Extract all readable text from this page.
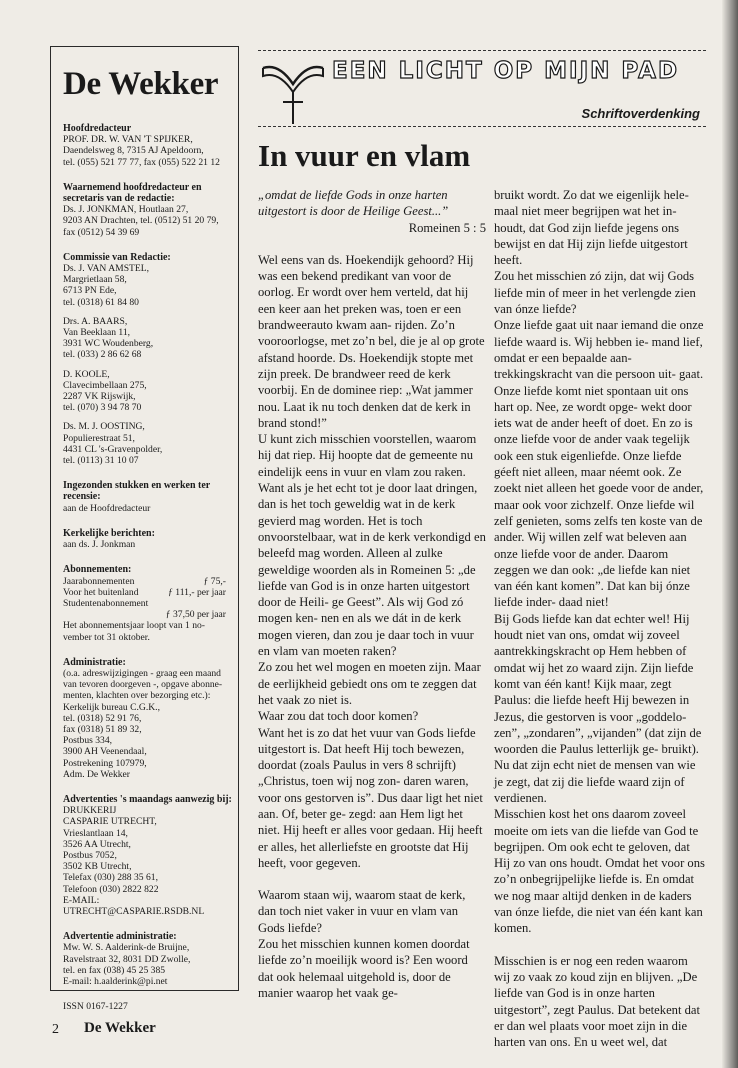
De Wekker

Hoofdredacteur

PROF. DR. W. VAN 'T SPIJKER,

Daendelsweg 8, 7315 AJ Apeldoorn,

tel. (055) 521 77 77, fax (055) 522 21 12

Waarnemend hoofdredacteur en secretaris van de redactie:

Ds. J. JONKMAN, Houtlaan 27,

9203 AN Drachten, tel. (0512) 51 20 79,

fax (0512) 54 39 69

Commissie van Redactie:

Ds. J. VAN AMSTEL,

Margrietlaan 58,

6713 PN Ede,

tel. (0318) 61 84 80

Drs. A. BAARS,

Van Beeklaan 11,

3931 WC Woudenberg,

tel. (033) 2 86 62 68

D. KOOLE,

Clavecimbellaan 275,

2287 VK Rijswijk,

tel. (070) 3 94 78 70

Ds. M. J. OOSTING,

Populierestraat 51,

4431 CL 's-Gravenpolder,

tel. (0113) 31 10 07

Ingezonden stukken en werken ter recensie:

aan de Hoofdredacteur

Kerkelijke berichten:

aan ds. J. Jonkman

Abonnementen:

Jaarabonnementen	ƒ 75,-
Voor het buitenland	ƒ 111,- per jaar
Studentenabonnement
ƒ 37,50 per jaar

Het abonnementsjaar loopt van 1 no-

vember tot 31 oktober.

Administratie:

(o.a. adreswijzigingen - graag een maand

van tevoren doorgeven -, opgave abonne-

menten, klachten over bezorging etc.):

Kerkelijk bureau C.G.K.,

tel. (0318) 52 91 76,

fax (0318) 51 89 32,

Postbus 334,

3900 AH Veenendaal,

Postrekening 107979,

Adm. De Wekker

Advertenties 's maandags aanwezig bij:

DRUKKERIJ

CASPARIE UTRECHT,

Vrieslantlaan 14,

3526 AA Utrecht,

Postbus 7052,

3502 KB Utrecht,

Telefax (030) 288 35 61,

Telefoon (030) 2822 822

E-MAIL: UTRECHT@CASPARIE.RSDB.NL

Advertentie administratie:

Mw. W. S. Aalderink-de Bruijne,

Ravelstraat 32, 8031 DD Zwolle,

tel. en fax (038) 45 25 385

E-mail: h.aalderink@pi.net

ISSN 0167-1227

2 De Wekker
EEN LICHT OP MIJN PAD
Schriftoverdenking
In vuur en vlam

„omdat de liefde Gods in onze harten uitgestort is door de Heilige Geest...”

Romeinen 5 : 5

Wel eens van ds. Hoekendijk gehoord? Hij was een bekend predikant van voor de oorlog. Er wordt over hem verteld, dat hij een keer aan het preken was, toen er een brandweerauto kwam aan- rijden. Zo’n vooroorlogse, met zo’n bel, die je al op grote afstand hoorde. Ds. Hoekendijk stopte met zijn preek. De brandweer reed de kerk voorbij. En de dominee riep: „Wat jammer nou. Laat ik nu toch denken dat de kerk in brand stond!”

U kunt zich misschien voorstellen, waarom hij dat riep. Hij hoopte dat de gemeente nu eindelijk eens in vuur en vlam zou raken.

Want als je het echt tot je door laat dringen, dan is het toch geweldig wat in de kerk gevierd mag worden. Het is toch onvoorstelbaar, wat in de kerk verkondigd en beleefd mag worden. Alleen al zulke geweldige woorden als in Romeinen 5: „de liefde van God is in onze harten uitgestort door de Heili- ge Geest”. Als wij God zó mogen ken- nen en als we dát in de kerk mogen vieren, dan zou je daar toch in vuur en vlam van moeten raken?

Zo zou het wel mogen en moeten zijn. Maar de eerlijkheid gebiedt ons om te zeggen dat het vaak zo niet is.

Waar zou dat toch door komen?

Want het is zo dat het vuur van Gods liefde uitgestort is. Dat heeft Hij toch bewezen, doordat (zoals Paulus in vers 8 schrijft) „Christus, toen wij nog zon- daren waren, voor ons gestorven is”. Dus daar ligt het niet aan. Of, beter ge- zegd: aan Hem ligt het niet. Hij heeft er alles voor gedaan. Hij heeft er alles, het allerliefste en grootste dat Hij heeft, voor gegeven.

Waarom staan wij, waarom staat de kerk, dan toch niet vaker in vuur en vlam van Gods liefde?

Zou het misschien kunnen komen doordat liefde zo’n moeilijk woord is? Een woord dat ook helemaal uitgehold is, door de manier waarop het vaak ge-

bruikt wordt. Zo dat we eigenlijk hele- maal niet meer begrijpen wat het in- houdt, dat God zijn liefde jegens ons bewijst en dat Hij zijn liefde uitgestort heeft.

Zou het misschien zó zijn, dat wij Gods liefde min of meer in het verlengde zien van ónze liefde?

Onze liefde gaat uit naar iemand die onze liefde waard is. Wij hebben ie- mand lief, omdat er een bepaalde aan- trekkingskracht van die persoon uit- gaat. Onze liefde komt niet spontaan uit ons hart op. Nee, ze wordt opge- wekt door iets wat de ander heeft of doet. En zo is onze liefde voor de ander vaak tegelijk ook een stuk eigenliefde. Onze liefde géeft niet alleen, maar néemt ook. Ze zoekt niet alleen het goede voor de ander, maar ook voor zichzelf. Onze liefde wil zelf genieten, soms zelfs ten koste van de ander. Wij willen zelf wat beleven aan onze liefde voor de ander. Daarom zeggen we dan ook: „de liefde kan niet van één kant komen”. Dat kan bij ónze liefde inder- daad niet!

Bij Gods liefde kan dat echter wel! Hij houdt niet van ons, omdat wij zoveel aantrekkingskracht op Hem hebben of omdat wij het zo waard zijn. Zijn liefde komt van één kant! Kijk maar, zegt Paulus: die liefde heeft Hij bewezen in Jezus, die gestorven is voor „goddelo- zen”, „zondaren”, „vijanden” (dat zijn de woorden die Paulus letterlijk ge- bruikt). Nu dat zijn echt niet de mensen van wie je zegt, dat zij die liefde waard zijn of verdienen.

Misschien kost het ons daarom zoveel moeite om iets van die liefde van God te begrijpen. Om ook echt te geloven, dat Hij zo van ons houdt. Omdat het voor ons zo’n onbegrijpelijke liefde is. En omdat we nog maar altijd denken in de kaders van ónze liefde, die niet van één kant kan komen.

Misschien is er nog een reden waarom wij zo vaak zo koud zijn en blijven. „De liefde van God is in onze harten uitgestort”, zegt Paulus. Dat betekent dat er dan wel plaats voor moet zijn in die harten van ons. En u weet wel, dat
